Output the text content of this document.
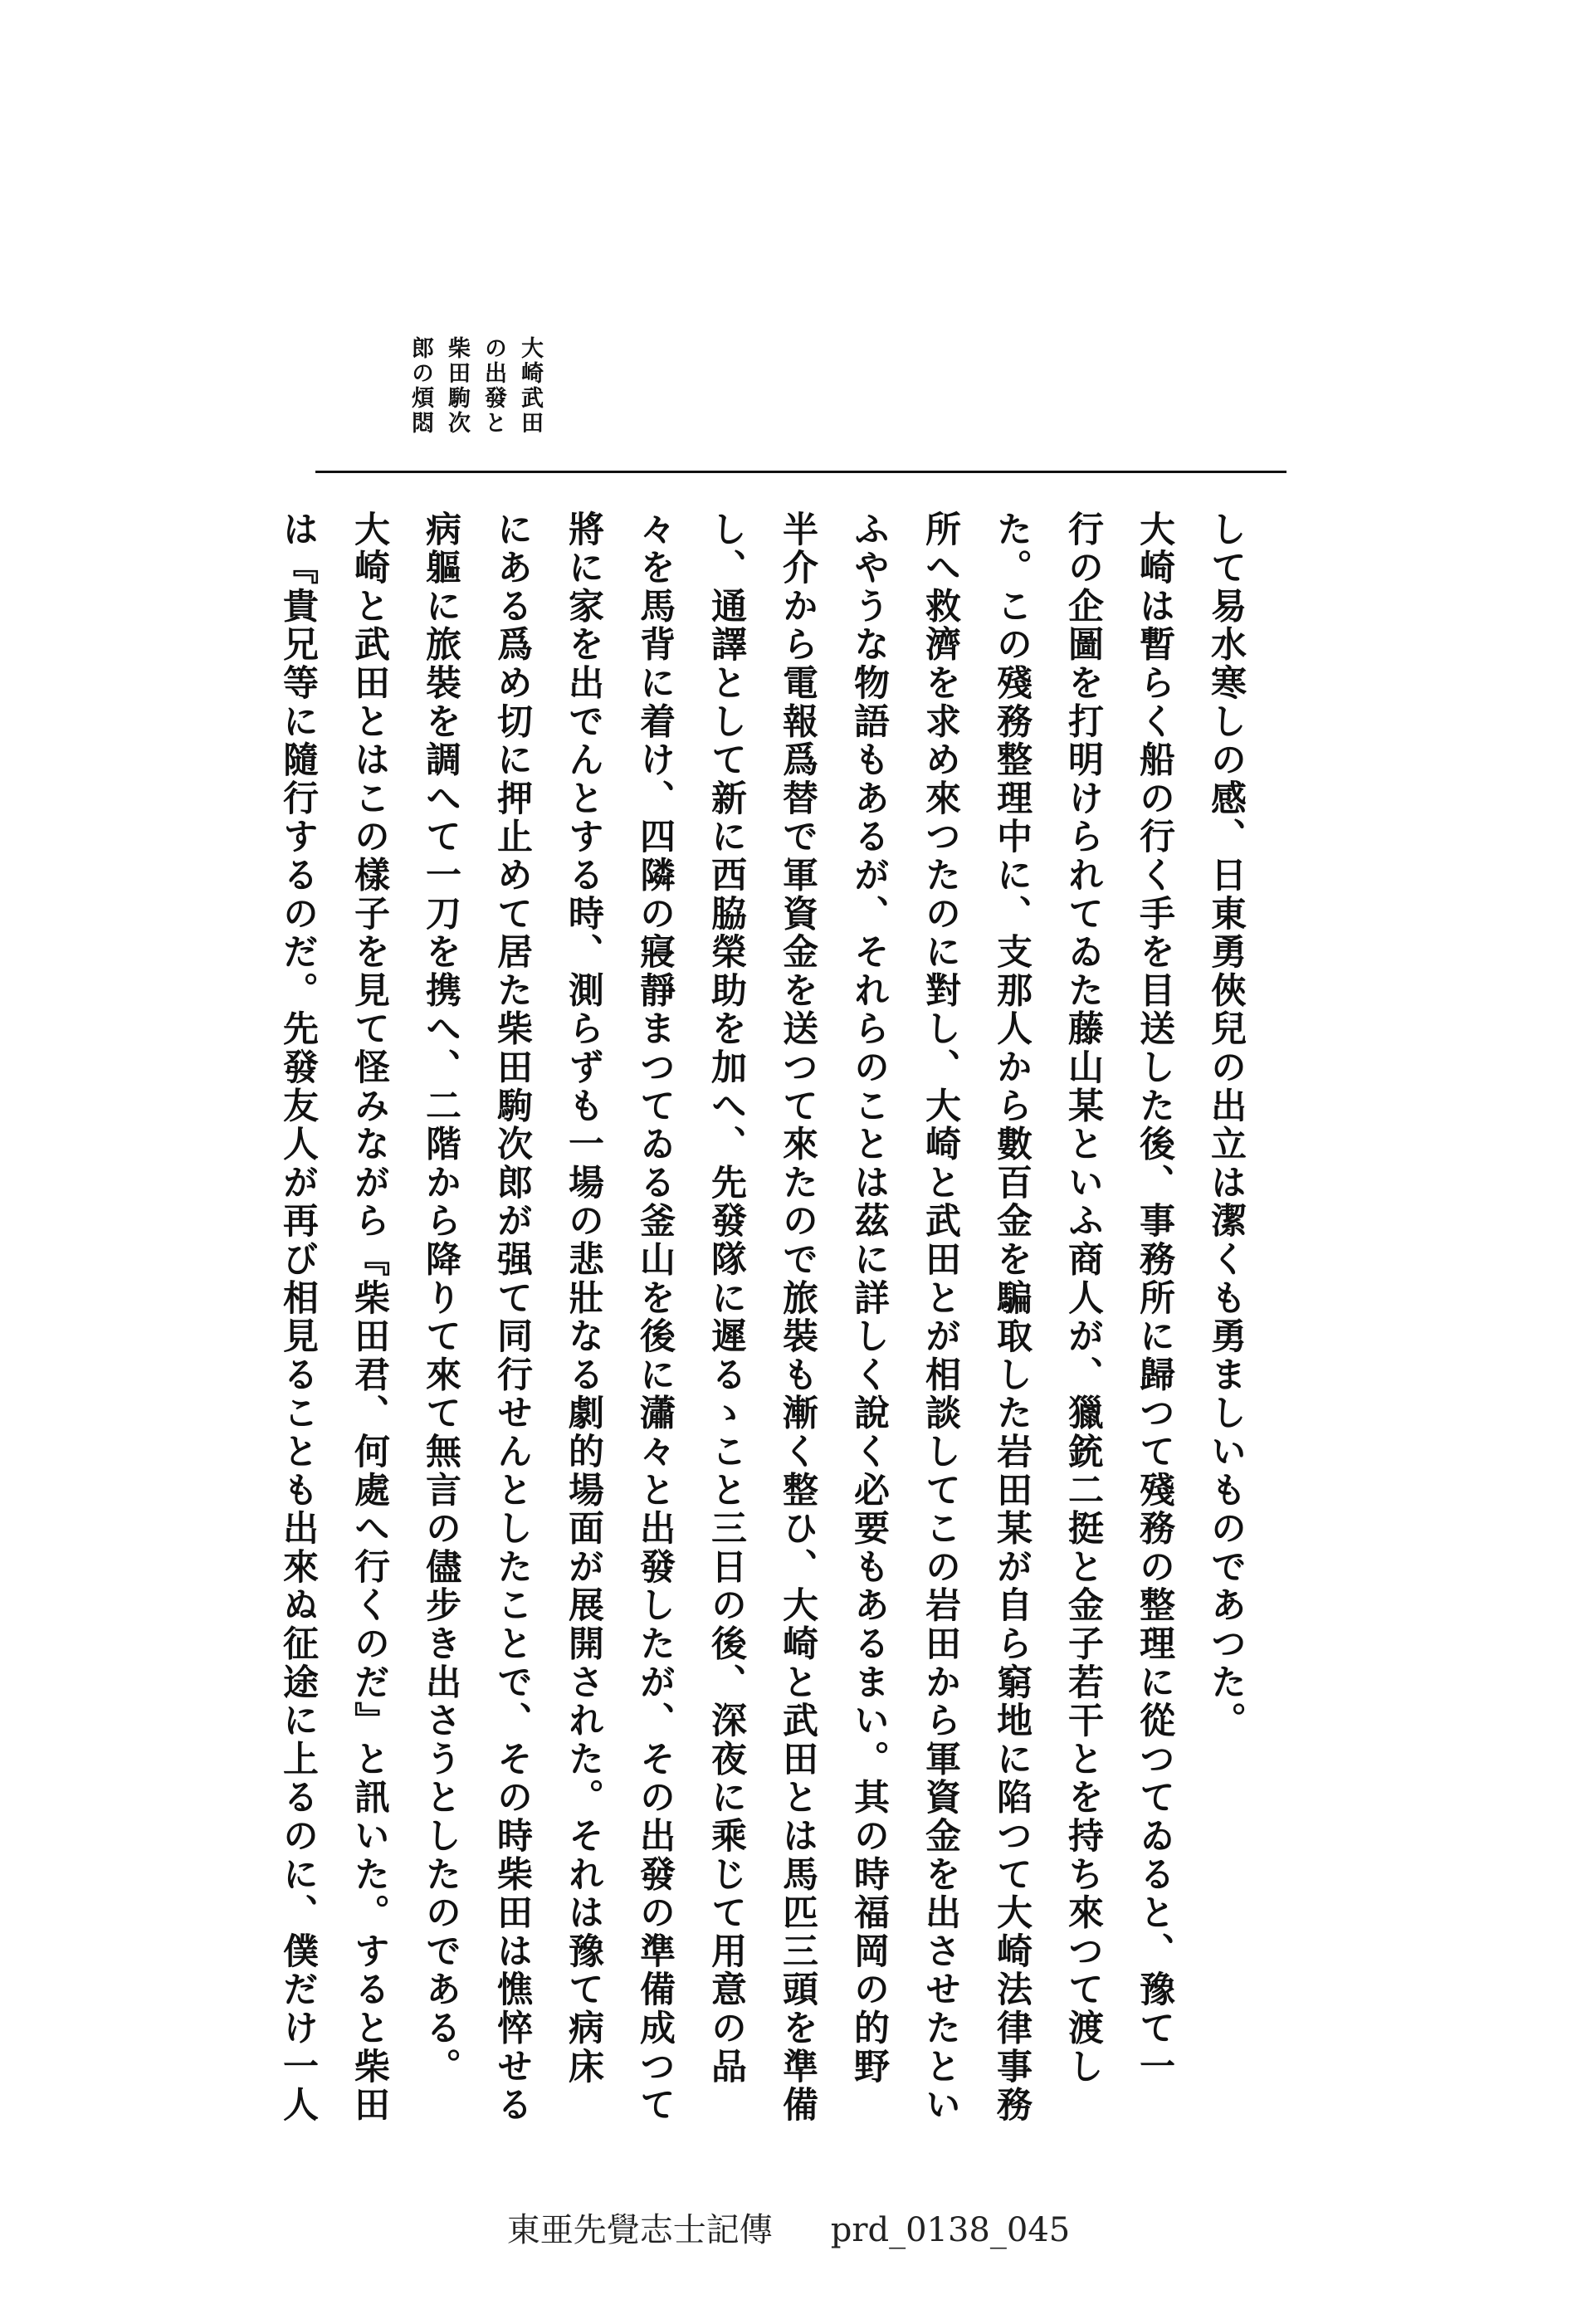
大崎武田
の出發と
柴田駒次
郎の煩悶
して易水寒しの感、日東勇俠兒の出立は潔くも勇ましいものであつた。
大崎は暫らく船の行く手を目送した後、事務所に歸つて殘務の整理に從つてゐると、豫て一
行の企圖を打明けられてゐた藤山某といふ商人が、獵銃二挺と金子若干とを持ち來つて渡し
た。この殘務整理中に、支那人から數百金を騙取した岩田某が自ら窮地に陷つて大崎法律事務
所へ救濟を求め來つたのに對し、大崎と武田とが相談してこの岩田から軍資金を出させたとい
ふやうな物語もあるが、それらのことは茲に詳しく說く必要もあるまい。其の時福岡の的野
半介から電報爲替で軍資金を送つて來たので旅裝も漸く整ひ、大崎と武田とは馬匹三頭を準備
し、通譯として新に西脇榮助を加へ、先發隊に遲るゝこと三日の後、深夜に乘じて用意の品
々を馬背に着け、四隣の寢靜まつてゐる釜山を後に瀟々と出發したが、その出發の準備成つて
將に家を出でんとする時、測らずも一場の悲壯なる劇的場面が展開された。それは豫て病床
にある爲め切に押止めて居た柴田駒次郎が强て同行せんとしたことで、その時柴田は憔悴せる
病軀に旅裝を調へて一刀を携へ、二階から降りて來て無言の儘步き出さうとしたのである。
大崎と武田とはこの樣子を見て怪みながら『柴田君、何處へ行くのだ』と訊いた。すると柴田
は『貴兄等に隨行するのだ。先發友人が再び相見ることも出來ぬ征途に上るのに、僕だけ一人
東亜先覺志士記傳 prd_0138_045
